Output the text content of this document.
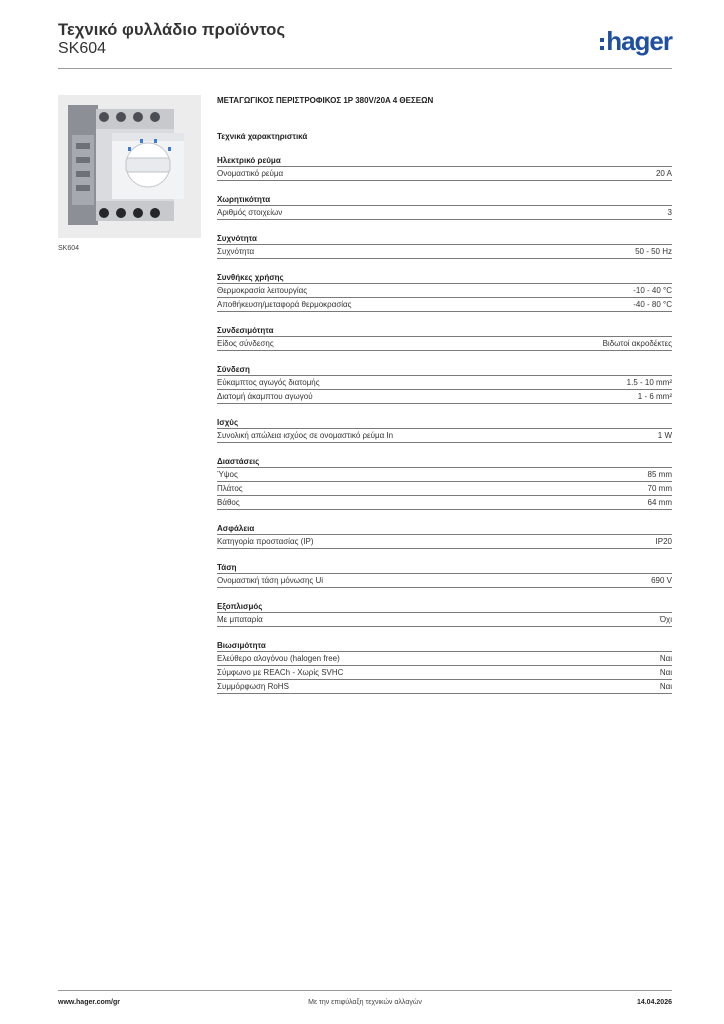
Τεχνικό φυλλάδιο προϊόντος
SK604	hager
SK604
ΜΕΤΑΓΩΓΙΚΟΣ ΠΕΡΙΣΤΡΟΦΙΚΟΣ 1P 380V/20A 4 ΘΕΣΕΩΝ
Τεχνικά χαρακτηριστικά
Ηλεκτρικό ρεύμα
Ονομαστικό ρεύμα	20 A
Χωρητικότητα
Αριθμός στοιχείων	3
Συχνότητα
Συχνότητα	50 - 50 Hz
Συνθήκες χρήσης
Θερμοκρασία λειτουργίας	-10 - 40 °C
Αποθήκευση/μεταφορά θερμοκρασίας	-40 - 80 °C
Συνδεσιμότητα
Είδος σύνδεσης	Βιδωτοί ακροδέκτες
Σύνδεση
Εύκαμπτος αγωγός διατομής	1.5 - 10 mm²
Διατομή άκαμπτου αγωγού	1 - 6 mm²
Ισχύς
Συνολική απώλεια ισχύος σε ονομαστικό ρεύμα In	1 W
Διαστάσεις
Ύψος	85 mm
Πλάτος	70 mm
Βάθος	64 mm
Ασφάλεια
Κατηγορία προστασίας (IP)	IP20
Τάση
Ονομαστική τάση μόνωσης Ui	690 V
Εξοπλισμός
Με μπαταρία	Όχι
Βιωσιμότητα
Ελεύθερο αλογόνου (halogen free)	Ναι
Σύμφωνο με REACh - Χωρίς SVHC	Ναι
Συμμόρφωση RoHS	Ναι
www.hager.com/gr	Με την επιφύλαξη τεχνικών αλλαγών	14.04.2026
